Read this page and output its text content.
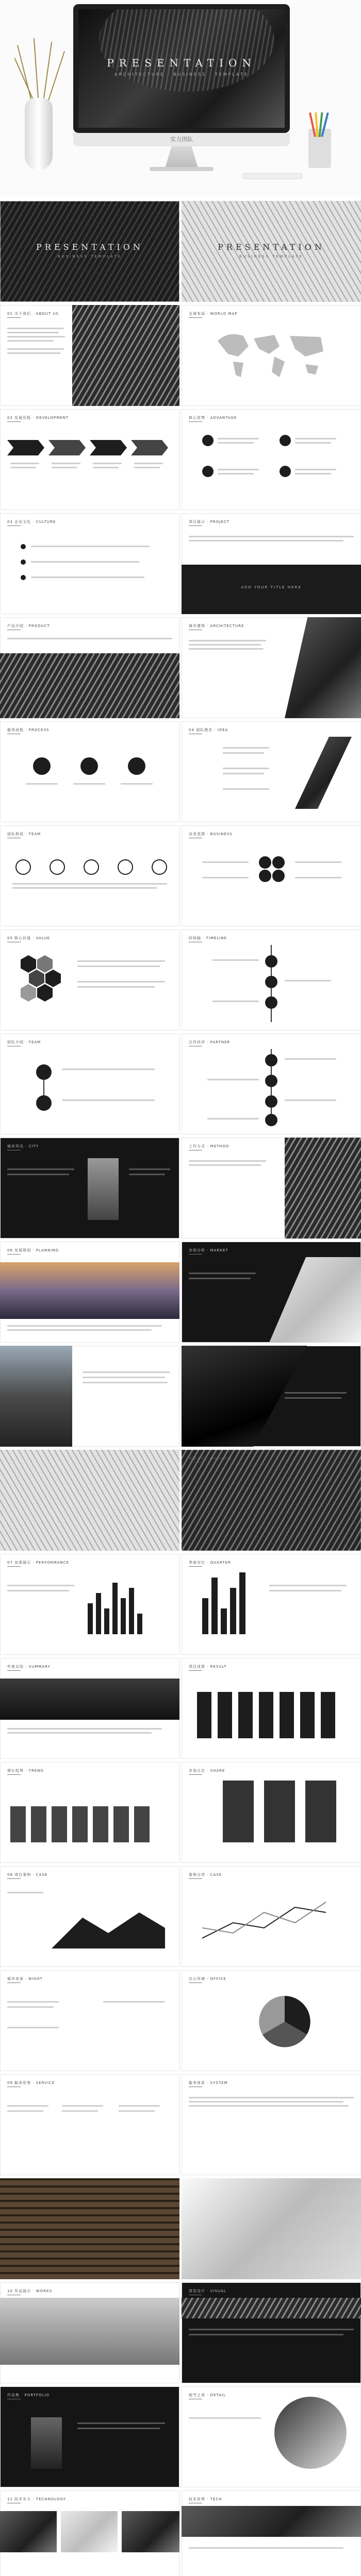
PRESENTATION
ARCHITECTURE · BUSINESS · TEMPLATE
实力团队
PRESENTATION
BUSINESS TEMPLATE
PRESENTATION
BUSINESS TEMPLATE
01 关于我们 · ABOUT US	全球布局 · WORLD MAP
02 发展历程 · DEVELOPMENT	核心优势 · ADVANTAGE
03 企业文化 · CULTURE	项目展示 · PROJECT
ADD YOUR TITLE HERE
产品介绍 · PRODUCT	城市建筑 · ARCHITECTURE
服务流程 · PROCESS	04 团队理念 · IDEA
团队构成 · TEAM	业务范围 · BUSINESS
05 核心价值 · VALUE	时间轴 · TIMELINE
团队介绍 · TEAM	合作伙伴 · PARTNER
城市风光 · CITY	工作方式 · METHOD
06 发展规划 · PLANNING	市场分析 · MARKET
07 业绩展示 · PERFORMANCE	季度对比 · QUARTER
年度总结 · SUMMARY	项目成果 · RESULT
增长趋势 · TREND	市场占比 · SHARE
08 项目案例 · CASE	案例分享 · CASE
城市夜景 · NIGHT	办公环境 · OFFICE
09 服务优势 · SERVICE	服务体系 · SYSTEM
10 作品展示 · WORKS	视觉设计 · VISUAL
作品集 · PORTFOLIO	细节之美 · DETAIL
11 技术实力 · TECHNOLOGY	技术优势 · TECH
